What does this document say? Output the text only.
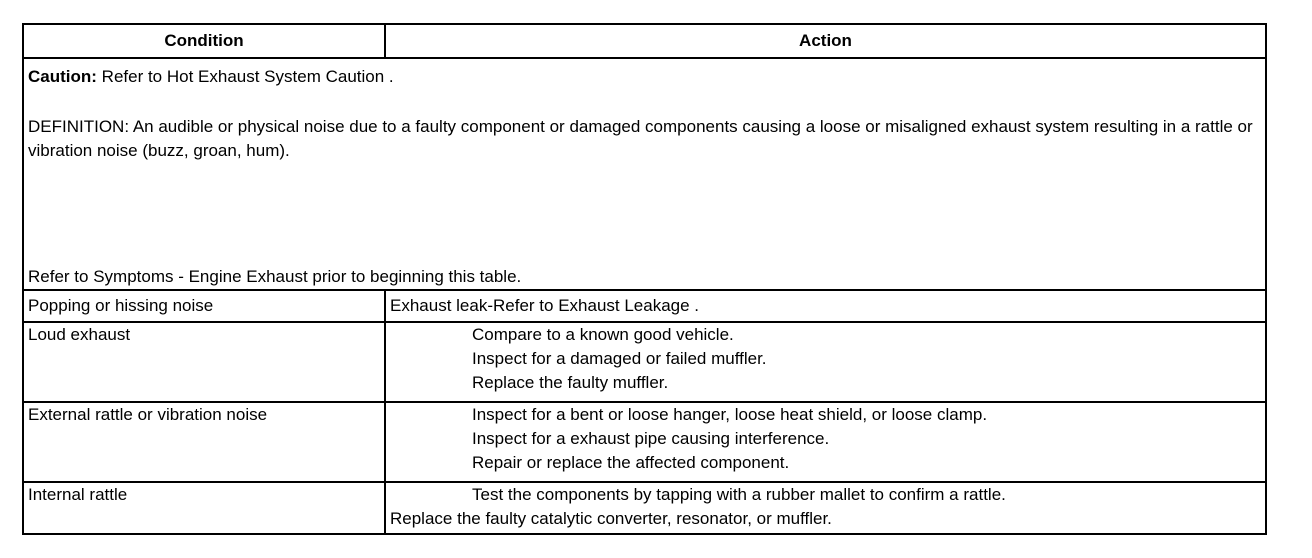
Condition	Action

Caution: Refer to Hot Exhaust System Caution .

DEFINITION: An audible or physical noise due to a faulty component or damaged components causing a loose or misaligned exhaust system resulting in a rattle or vibration noise (buzz, groan, hum).

Refer to Symptoms - Engine Exhaust prior to beginning this table.	

Popping or hissing noise	Exhaust leak-Refer to Exhaust Leakage .

Loud exhaust	Compare to a known good vehicle.
Inspect for a damaged or failed muffler.
Replace the faulty muffler.

External rattle or vibration noise	Inspect for a bent or loose hanger, loose heat shield, or loose clamp.
Inspect for a exhaust pipe causing interference.
Repair or replace the affected component.

Internal rattle	Test the components by tapping with a rubber mallet to confirm a rattle.
Replace the faulty catalytic converter, resonator, or muffler.
